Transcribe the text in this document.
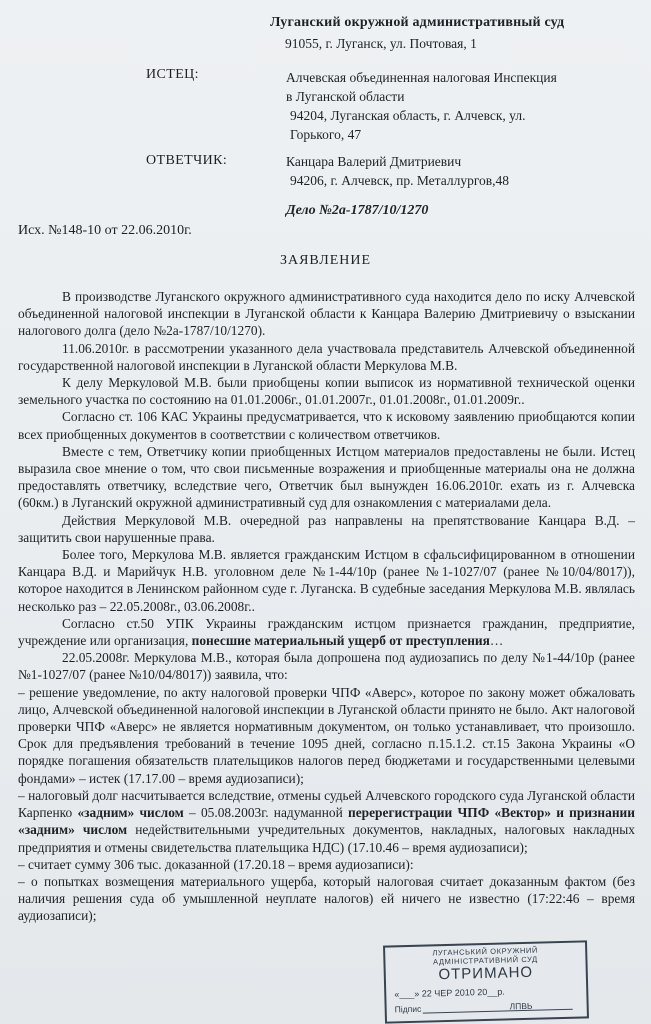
Луганский окружной административный суд
91055, г. Луганск, ул. Почтовая, 1
ИСТЕЦ:	Алчевская объединенная налоговая Инспекция
в Луганской области
94204, Луганская область, г. Алчевск, ул.
Горького, 47
ОТВЕТЧИК:	Канцара Валерий Дмитриевич
94206, г. Алчевск, пр. Металлургов,48
Дело №2а-1787/10/1270
Исх. №148-10 от 22.06.2010г.
ЗАЯВЛЕНИЕ

В производстве Луганского окружного административного суда находится дело по иску Алчевской объединенной налоговой инспекции в Луганской области к Канцара Валерию Дмитриевичу о взыскании налогового долга (дело №2а-1787/10/1270).

11.06.2010г. в рассмотрении указанного дела участвовала представитель Алчевской объединенной государственной налоговой инспекции в Луганской области Меркулова М.В.

К делу Меркуловой М.В. были приобщены копии выписок из нормативной технической оценки земельного участка по состоянию на 01.01.2006г., 01.01.2007г., 01.01.2008г., 01.01.2009г..

Согласно ст. 106 КАС Украины предусматривается, что к исковому заявлению приобщаются копии всех приобщенных документов в соответствии с количеством ответчиков.

Вместе с тем, Ответчику копии приобщенных Истцом материалов предоставлены не были. Истец выразила свое мнение о том, что свои письменные возражения и приобщенные материалы она не должна предоставлять ответчику, вследствие чего, Ответчик был вынужден 16.06.2010г. ехать из г. Алчевска (60км.) в Луганский окружной административный суд для ознакомления с материалами дела.

Действия Меркуловой М.В. очередной раз направлены на препятствование Канцара В.Д. – защитить свои нарушенные права.

Более того, Меркулова М.В. является гражданским Истцом в сфальсифицированном в отношении Канцара В.Д. и Марийчук Н.В. уголовном деле №1-44/10р (ранее №1-1027/07 (ранее №10/04/8017)), которое находится в Ленинском районном суде г. Луганска. В судебные заседания Меркулова М.В. являлась несколько раз – 22.05.2008г., 03.06.2008г..

Согласно ст.50 УПК Украины гражданским истцом признается гражданин, предприятие, учреждение или организация, понесшие материальный ущерб от преступления…

22.05.2008г. Меркулова М.В., которая была допрошена под аудиозапись по делу №1-44/10р (ранее №1-1027/07 (ранее №10/04/8017)) заявила, что:

– решение уведомление, по акту налоговой проверки ЧПФ «Аверс», которое по закону может обжаловать лицо, Алчевской объединенной налоговой инспекции в Луганской области принято не было. Акт налоговой проверки ЧПФ «Аверс» не является нормативным документом, он только устанавливает, что произошло. Срок для предъявления требований в течение 1095 дней, согласно п.15.1.2. ст.15 Закона Украины «О порядке погашения обязательств плательщиков налогов перед бюджетами и государственными целевыми фондами» – истек (17.17.00 – время аудиозаписи);

– налоговый долг насчитывается вследствие, отмены судьей Алчевского городского суда Луганской области Карпенко «задним» числом – 05.08.2003г. надуманной перерегистрации ЧПФ «Вектор» и признании «задним» числом недействительными учредительных документов, накладных, налоговых накладных предприятия и отмены свидетельства плательщика НДС) (17.10.46 – время аудиозаписи);

– считает сумму 306 тыс. доказанной (17.20.18 – время аудиозаписи):

– о попытках возмещения материального ущерба, который налоговая считает доказанным фактом (без наличия решения суда об умышленной неуплате налогов) ей ничего не известно (17:22:46 – время аудиозаписи);

ЛУГАНСЬКИЙ ОКРУЖНИЙ
АДМІНІСТРАТИВНИЙ СУД
ОТРИМАНО
«___» 22 ЧЕР 2010 20__р.
Підпис	ЛПВЬ
